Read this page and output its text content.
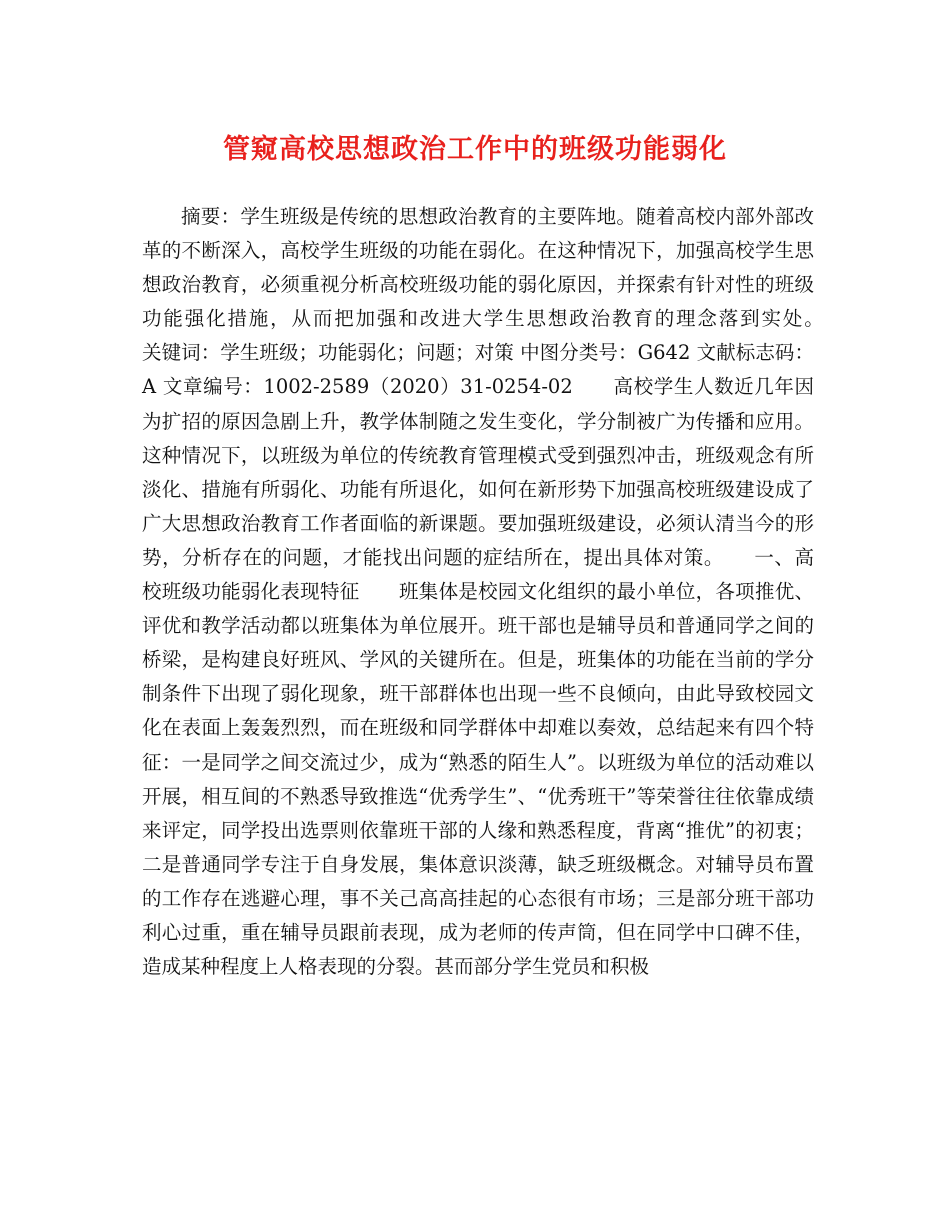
管窥高校思想政治工作中的班级功能弱化

摘要：学生班级是传统的思想政治教育的主要阵地。随着高校内部外部改革的不断深入，高校学生班级的功能在弱化。在这种情况下，加强高校学生思想政治教育，必须重视分析高校班级功能的弱化原因，并探索有针对性的班级功能强化措施，从而把加强和改进大学生思想政治教育的理念落到实处。　　关键词：学生班级；功能弱化；问题；对策 中图分类号：G642 文献标志码：A 文章编号：1002-2589（2020）31-0254-02　　高校学生人数近几年因为扩招的原因急剧上升，教学体制随之发生变化，学分制被广为传播和应用。这种情况下，以班级为单位的传统教育管理模式受到强烈冲击，班级观念有所淡化、措施有所弱化、功能有所退化，如何在新形势下加强高校班级建设成了广大思想政治教育工作者面临的新课题。要加强班级建设，必须认清当今的形势，分析存在的问题，才能找出问题的症结所在，提出具体对策。　　一、高校班级功能弱化表现特征　　班集体是校园文化组织的最小单位，各项推优、评优和教学活动都以班集体为单位展开。班干部也是辅导员和普通同学之间的桥梁，是构建良好班风、学风的关键所在。但是，班集体的功能在当前的学分制条件下出现了弱化现象，班干部群体也出现一些不良倾向，由此导致校园文化在表面上轰轰烈烈，而在班级和同学群体中却难以奏效，总结起来有四个特征：一是同学之间交流过少，成为“熟悉的陌生人”。以班级为单位的活动难以开展，相互间的不熟悉导致推选“优秀学生”、“优秀班干”等荣誉往往依靠成绩来评定，同学投出选票则依靠班干部的人缘和熟悉程度，背离“推优”的初衷；二是普通同学专注于自身发展，集体意识淡薄，缺乏班级概念。对辅导员布置的工作存在逃避心理，事不关己高高挂起的心态很有市场；三是部分班干部功利心过重，重在辅导员跟前表现，成为老师的传声筒，但在同学中口碑不佳，造成某种程度上人格表现的分裂。甚而部分学生党员和积极
